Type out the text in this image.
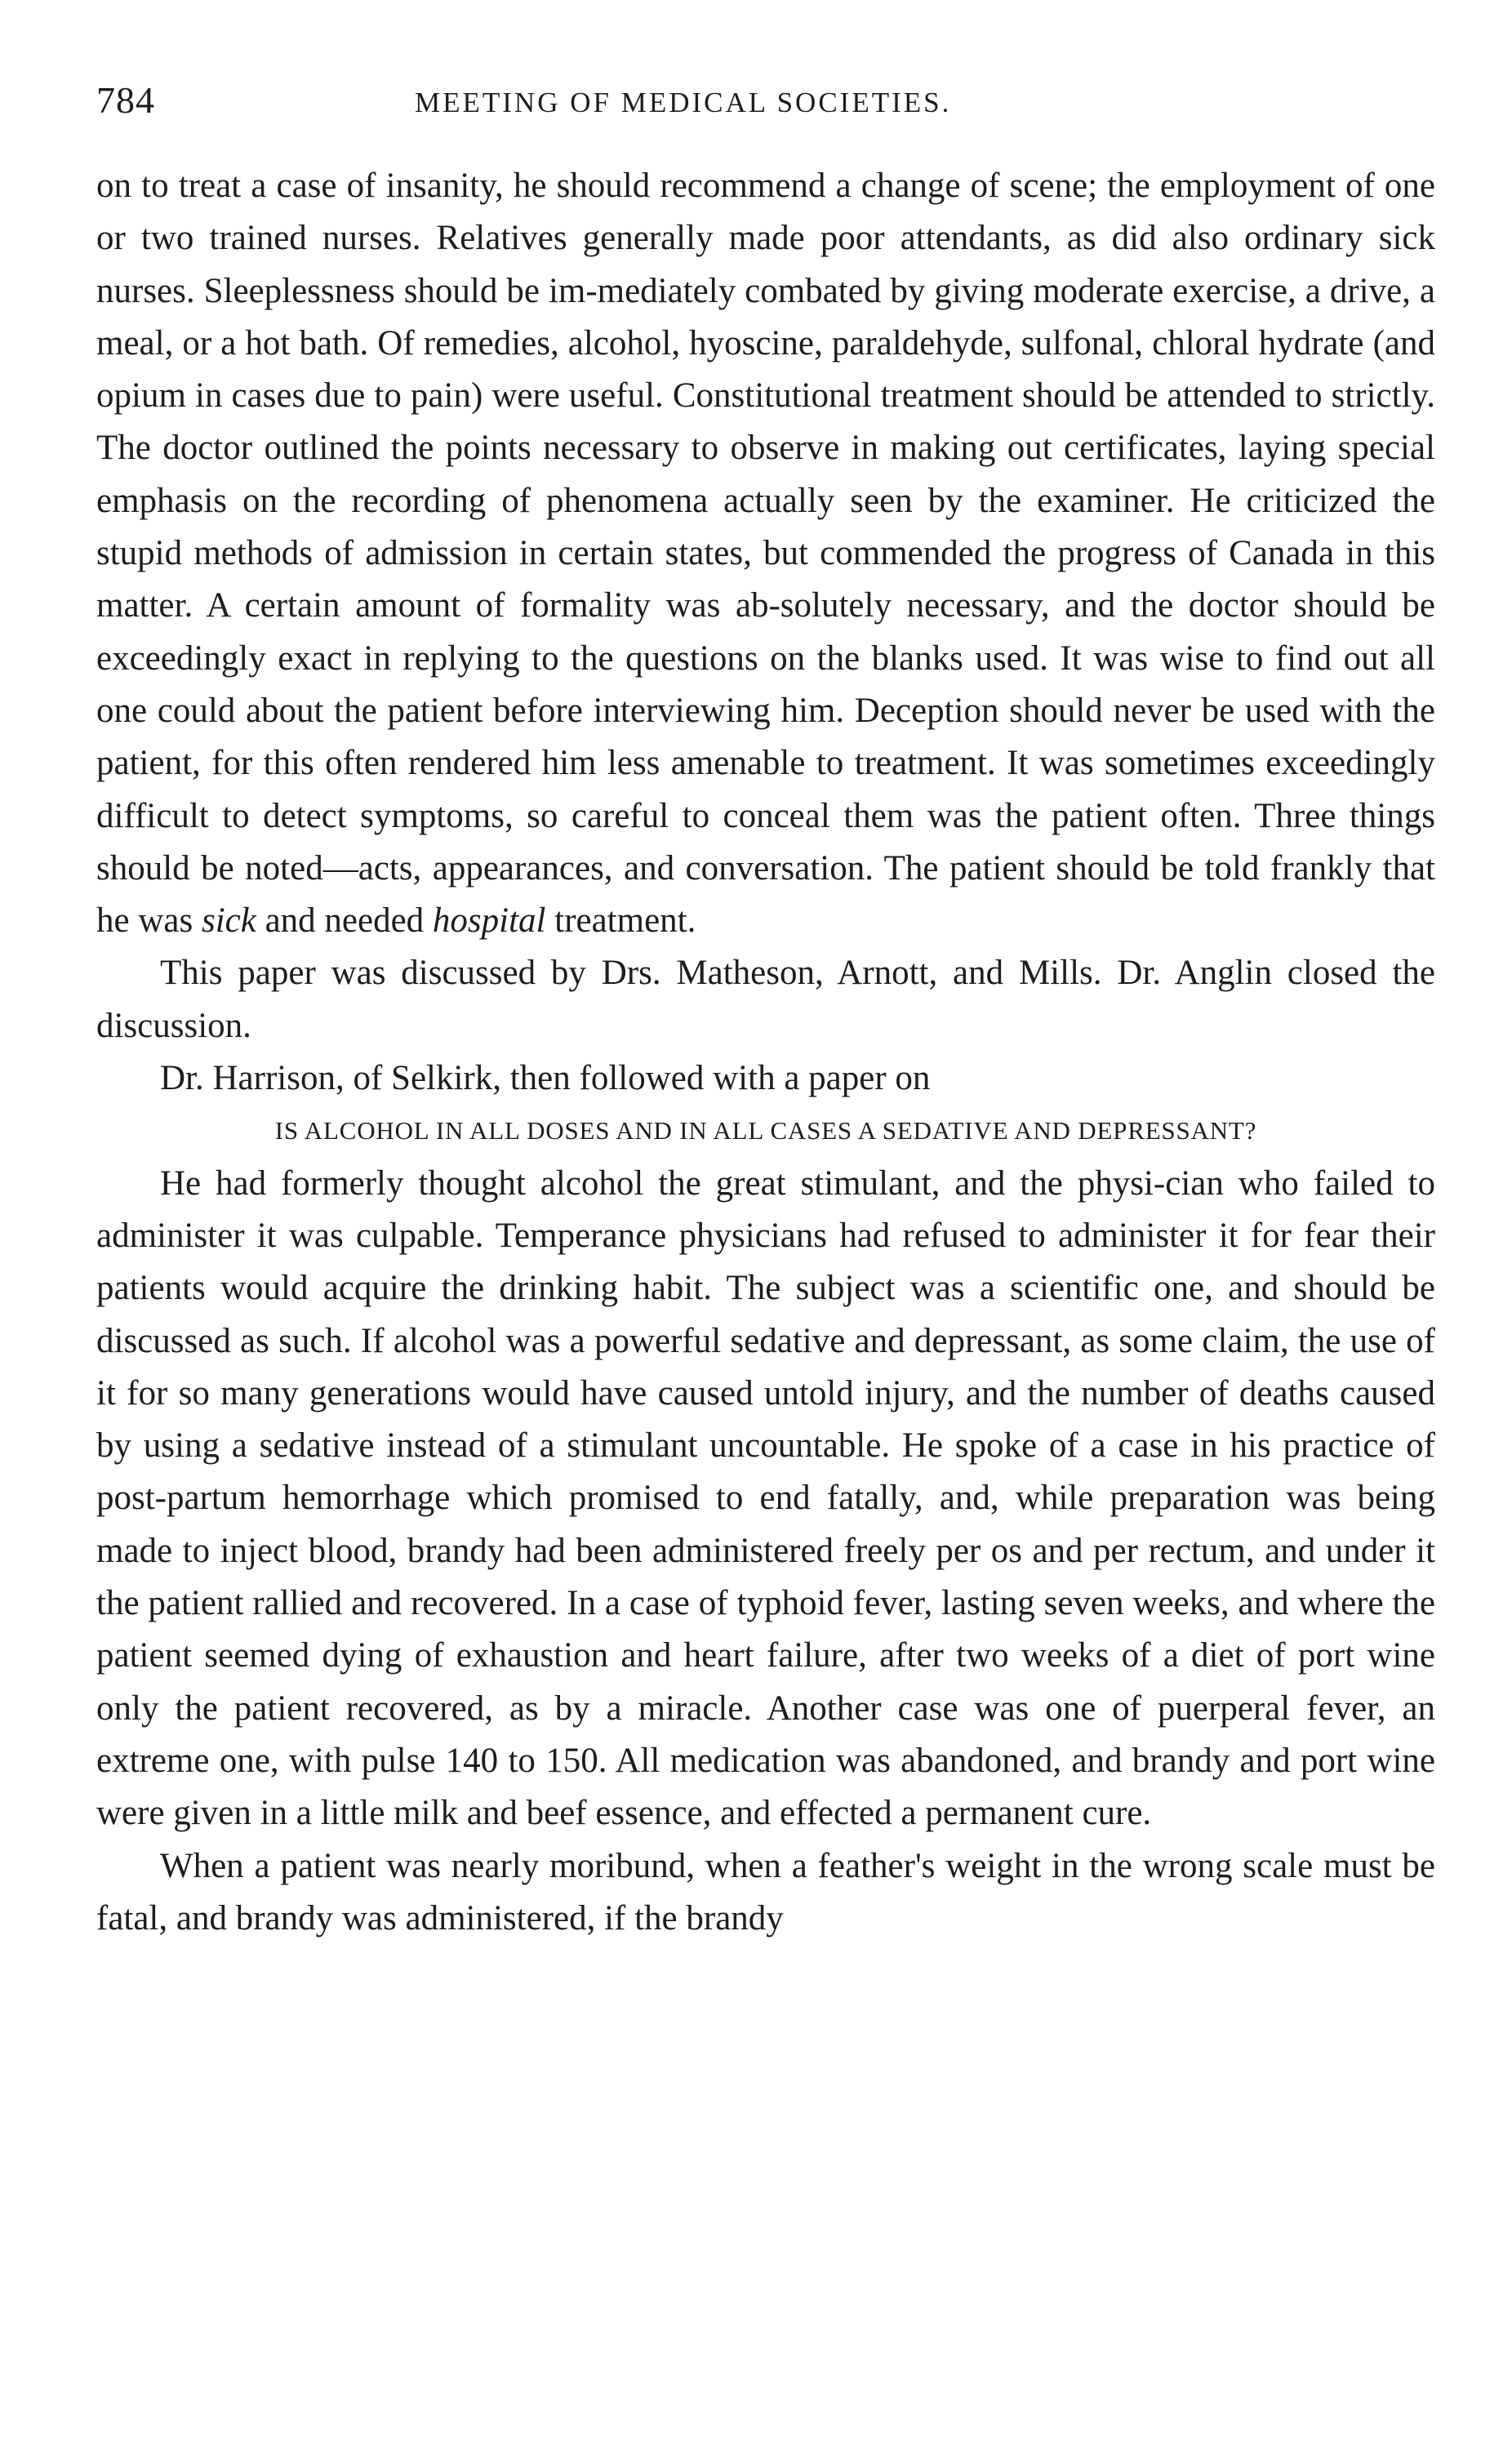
784	MEETING OF MEDICAL SOCIETIES.

on to treat a case of insanity, he should recommend a change of scene; the employment of one or two trained nurses. Relatives generally made poor attendants, as did also ordinary sick nurses. Sleeplessness should be im-mediately combated by giving moderate exercise, a drive, a meal, or a hot bath. Of remedies, alcohol, hyoscine, paraldehyde, sulfonal, chloral hydrate (and opium in cases due to pain) were useful. Constitutional treatment should be attended to strictly. The doctor outlined the points necessary to observe in making out certificates, laying special emphasis on the recording of phenomena actually seen by the examiner. He criticized the stupid methods of admission in certain states, but commended the progress of Canada in this matter. A certain amount of formality was ab-solutely necessary, and the doctor should be exceedingly exact in replying to the questions on the blanks used. It was wise to find out all one could about the patient before interviewing him. Deception should never be used with the patient, for this often rendered him less amenable to treatment. It was sometimes exceedingly difficult to detect symptoms, so careful to conceal them was the patient often. Three things should be noted—acts, appearances, and conversation. The patient should be told frankly that he was sick and needed hospital treatment.

This paper was discussed by Drs. Matheson, Arnott, and Mills. Dr. Anglin closed the discussion.

Dr. Harrison, of Selkirk, then followed with a paper on

IS ALCOHOL IN ALL DOSES AND IN ALL CASES A SEDATIVE AND DEPRESSANT?

He had formerly thought alcohol the great stimulant, and the physi-cian who failed to administer it was culpable. Temperance physicians had refused to administer it for fear their patients would acquire the drinking habit. The subject was a scientific one, and should be discussed as such. If alcohol was a powerful sedative and depressant, as some claim, the use of it for so many generations would have caused untold injury, and the number of deaths caused by using a sedative instead of a stimulant uncountable. He spoke of a case in his practice of post-partum hemorrhage which promised to end fatally, and, while preparation was being made to inject blood, brandy had been administered freely per os and per rectum, and under it the patient rallied and recovered. In a case of typhoid fever, lasting seven weeks, and where the patient seemed dying of exhaustion and heart failure, after two weeks of a diet of port wine only the patient recovered, as by a miracle. Another case was one of puerperal fever, an extreme one, with pulse 140 to 150. All medication was abandoned, and brandy and port wine were given in a little milk and beef essence, and effected a permanent cure.

When a patient was nearly moribund, when a feather's weight in the wrong scale must be fatal, and brandy was administered, if the brandy
